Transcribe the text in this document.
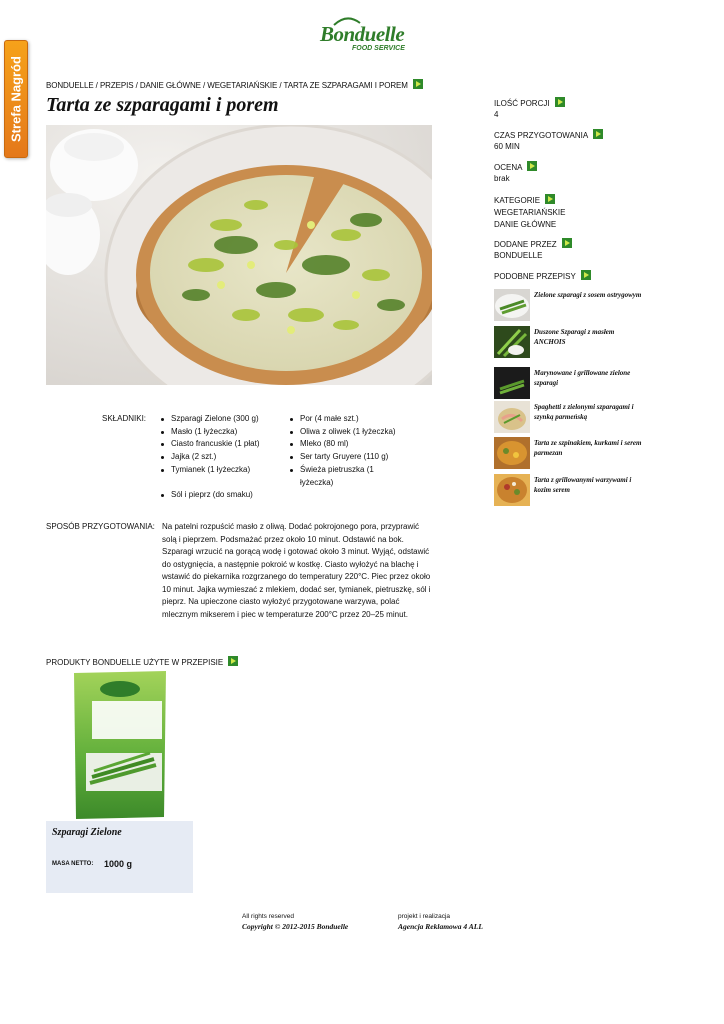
Bonduelle
FOOD SERVICE
Strefa Nagród	BONDUELLE / PRZEPIS / DANIE GŁÓWNE / WEGETARIAŃSKIE / TARTA ZE SZPARAGAMI I POREM
Tarta ze szparagami i porem	ILOŚĆ PORCJI
4
CZAS PRZYGOTOWANIA
60 MIN
OCENA
brak
KATEGORIE
WEGETARIAŃSKIE
DANIE GŁÓWNE
DODANE PRZEZ
BONDUELLE
PODOBNE PRZEPISY
Zielone szparagi z sosem ostrygowym
Duszone Szparagi z masłem ANCHOIS
Marynowane i grillowane zielone szparagi
Spaghetti z zielonymi szparagami i szynką parmeńską
Tarta ze szpinakiem, kurkami i serem parmezan
Tarta z grillowanymi warzywami i kozim serem
SKŁADNIKI:	Szparagi Zielone (300 g)
Masło (1 łyżeczka)
Ciasto francuskie (1 płat)
Jajka (2 szt.)
Tymianek (1 łyżeczka)
Por (4 małe szt.)
Oliwa z oliwek (1 łyżeczka)
Mleko (80 ml)
Ser tarty Gruyere (110 g)
Świeża pietruszka (1 łyżeczka)
Sól i pieprz (do smaku)
SPOSÓB PRZYGOTOWANIA: Na patelni rozpuścić masło z oliwą. Dodać pokrojonego pora, przyprawić solą i pieprzem. Podsmażać przez około 10 minut. Odstawić na bok. Szparagi wrzucić na gorącą wodę i gotować około 3 minut. Wyjąć, odstawić do ostygnięcia, a następnie pokroić w kostkę. Ciasto wyłożyć na blachę i wstawić do piekarnika rozgrzanego do temperatury 220°C. Piec przez około 10 minut. Jajka wymieszać z mlekiem, dodać ser, tymianek, pietruszkę, sól i pieprz. Na upieczone ciasto wyłożyć przygotowane warzywa, polać mlecznym mikserem i piec w temperaturze 200°C przez 20–25 minut.
PRODUKTY BONDUELLE UŻYTE W PRZEPISIE
Szparagi Zielone
MASA NETTO: 1000 g
All rights reserved
Copyright © 2012-2015 Bonduelle
projekt i realizacja
Agencja Reklamowa 4 ALL
